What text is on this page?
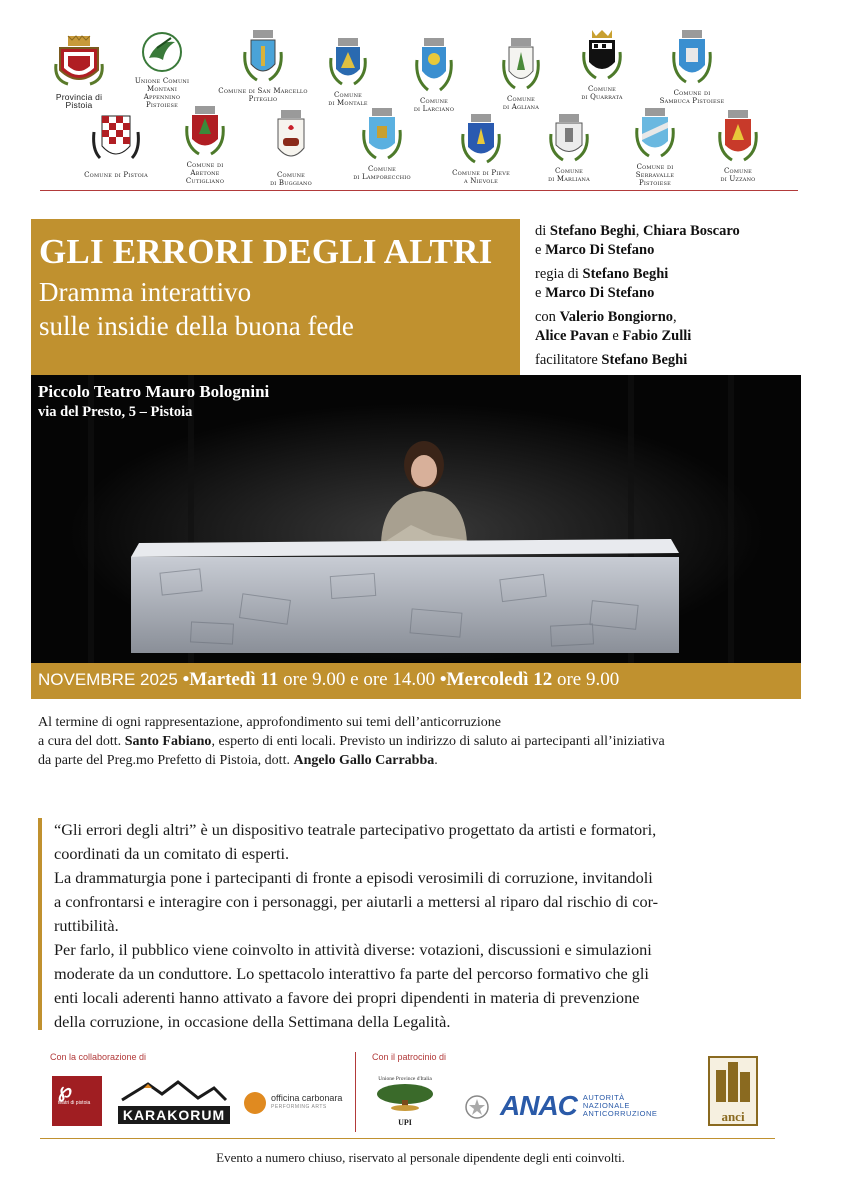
Provincia di Pistoia
Unione Comuni
Montani
Appennino
Pistoiese
Comune di San Marcello
Piteglio	Comune
di Montale	Comune
di Larciano
Comune
di Agliana
Comune
di Quarrata	Comune di
Sambuca Pistoiese
Comune di Pistoia
Comune di
Abetone
Cutigliano
Comune
di Buggiano
Comune
di Lamporecchio	Comune di Pieve
a Nievole
Comune
di Marliana
Comune di
Serravalle
Pistoiese
Comune
di Uzzano
GLI ERRORI DEGLI ALTRI
Dramma interattivo
sulle insidie della buona fede

di Stefano Beghi, Chiara Boscaro
e Marco Di Stefano

regia di Stefano Beghi
e Marco Di Stefano

con Valerio Bongiorno,
Alice Pavan e Fabio Zulli

facilitatore Stefano Beghi

Piccolo Teatro Mauro Bolognini
via del Presto, 5 – Pistoia
NOVEMBRE 2025 •Martedì 11 ore 9.00 e ore 14.00 •Mercoledì 12 ore 9.00
Al termine di ogni rappresentazione, approfondimento sui temi dell’anticorruzione
a cura del dott. Santo Fabiano, esperto di enti locali. Previsto un indirizzo di saluto ai partecipanti all’iniziativa
da parte del Preg.mo Prefetto di Pistoia, dott. Angelo Gallo Carrabba.
“Gli errori degli altri” è un dispositivo teatrale partecipativo progettato da artisti e formatori,
coordinati da un comitato di esperti.
La drammaturgia pone i partecipanti di fronte a episodi verosimili di corruzione, invitandoli
a confrontarsi e interagire con i personaggi, per aiutarli a mettersi al riparo dal rischio di cor-
ruttibilità.
Per farlo, il pubblico viene coinvolto in attività diverse: votazioni, discussioni e simulazioni
moderate da un conduttore. Lo spettacolo interattivo fa parte del percorso formativo che gli
enti locali aderenti hanno attivato a favore dei propri dipendenti in materia di prevenzione
della corruzione, in occasione della Settimana della Legalità.
Con la collaborazione di	Con il patrocinio di
℘
teatri di pistoia
KARAKORUM
officina carbonara
PERFORMING ARTS
Unione Province d'Italia
UPI
ANAC AUTORITÀ
NAZIONALE
ANTICORRUZIONE	anci
Evento a numero chiuso, riservato al personale dipendente degli enti coinvolti.
